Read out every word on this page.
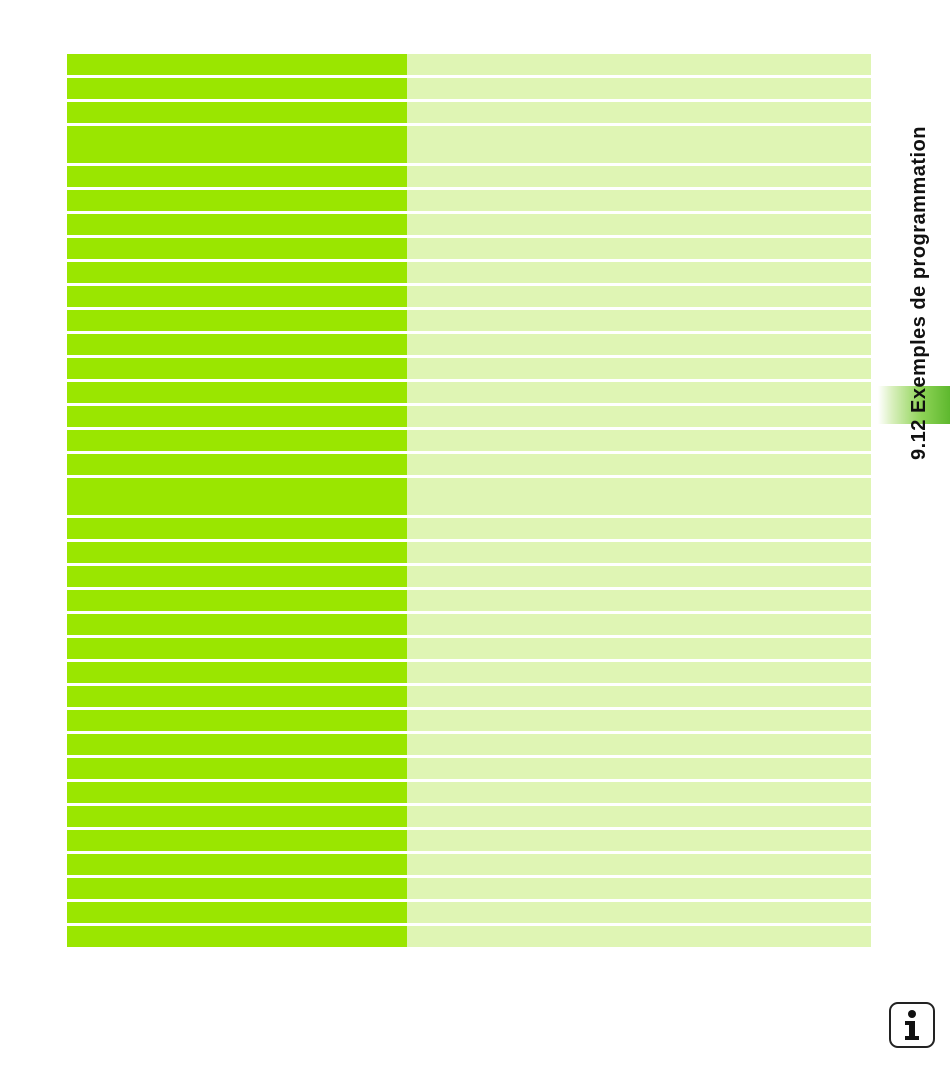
9.12 Exemples de programmation
